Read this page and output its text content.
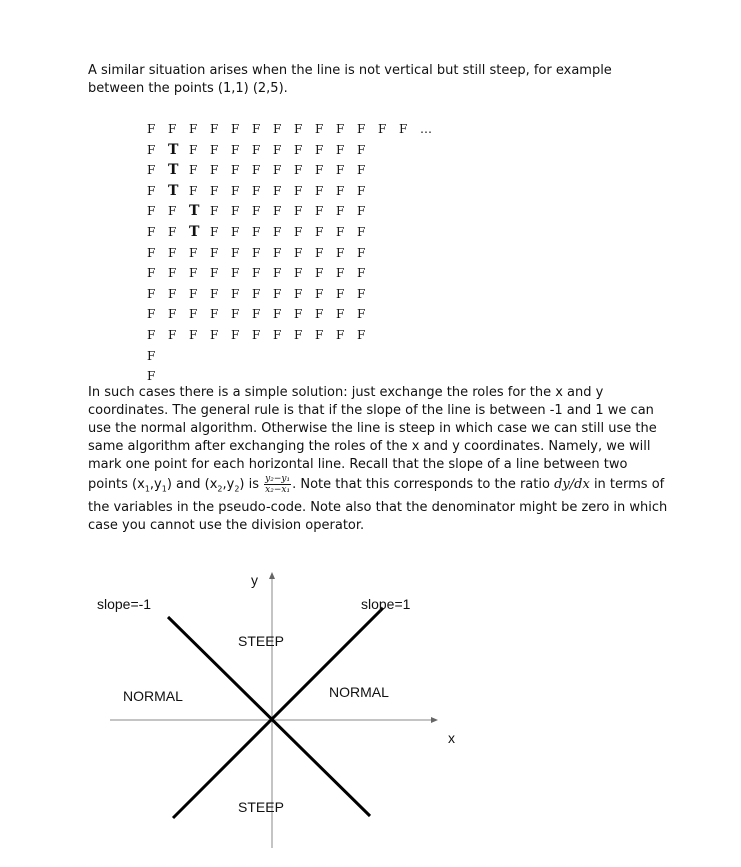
A similar situation arises when the line is not vertical but still steep, for example between the points (1,1) (2,5).

F F F F F F F F F F F F F …
F T F F F F F F F F F
F T F F F F F F F F F
F T F F F F F F F F F
F F T F F F F F F F F
F F T F F F F F F F F
F F F F F F F F F F F
F F F F F F F F F F F
F F F F F F F F F F F
F F F F F F F F F F F
F F F F F F F F F F F
F
F

In such cases there is a simple solution: just exchange the roles for the x and y coordinates. The general rule is that if the slope of the line is between -1 and 1 we can use the normal algorithm. Otherwise the line is steep in which case we can still use the same algorithm after exchanging the roles of the x and y coordinates. Namely, we will mark one point for each horizontal line. Recall that the slope of a line between two points $(x_1,y_1)$ and $(x_2,y_2)$ is $\frac{\text{y₂−y₁}}{\text{x₂−x₁}}$ . Note that this corresponds to the ratio dy/dx in terms of the variables in the pseudo-code. Note also that the denominator might be zero in which case you cannot use the division operator.

y
x
slope=-1	slope=1
STEEP
STEEP
NORMAL	NORMAL
